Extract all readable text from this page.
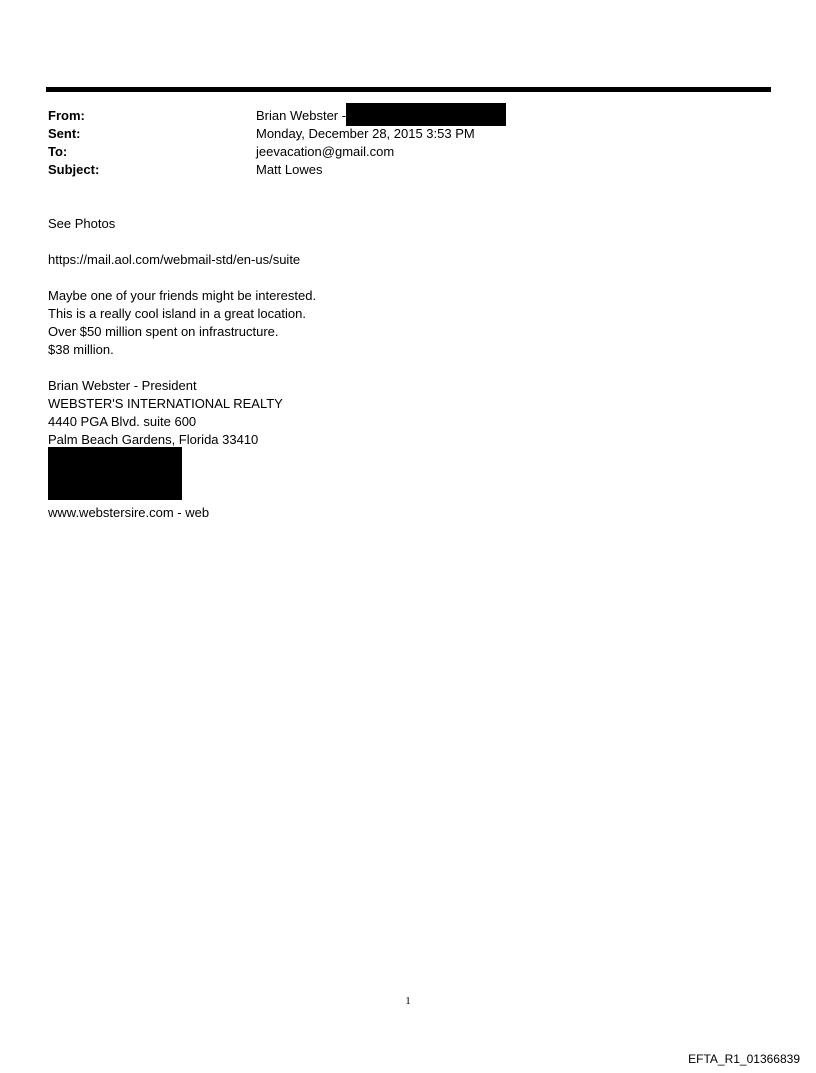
From:	Brian Webster -
Sent:	Monday, December 28, 2015 3:53 PM
To:	jeevacation@gmail.com
Subject:	Matt Lowes
See Photos
https://mail.aol.com/webmail-std/en-us/suite
Maybe one of your friends might be interested.
This is a really cool island in a great location.
Over $50 million spent on infrastructure.
$38 million.
Brian Webster - President
WEBSTER'S INTERNATIONAL REALTY
4440 PGA Blvd. suite 600
Palm Beach Gardens, Florida 33410
www.webstersire.com - web
1
EFTA_R1_01366839
